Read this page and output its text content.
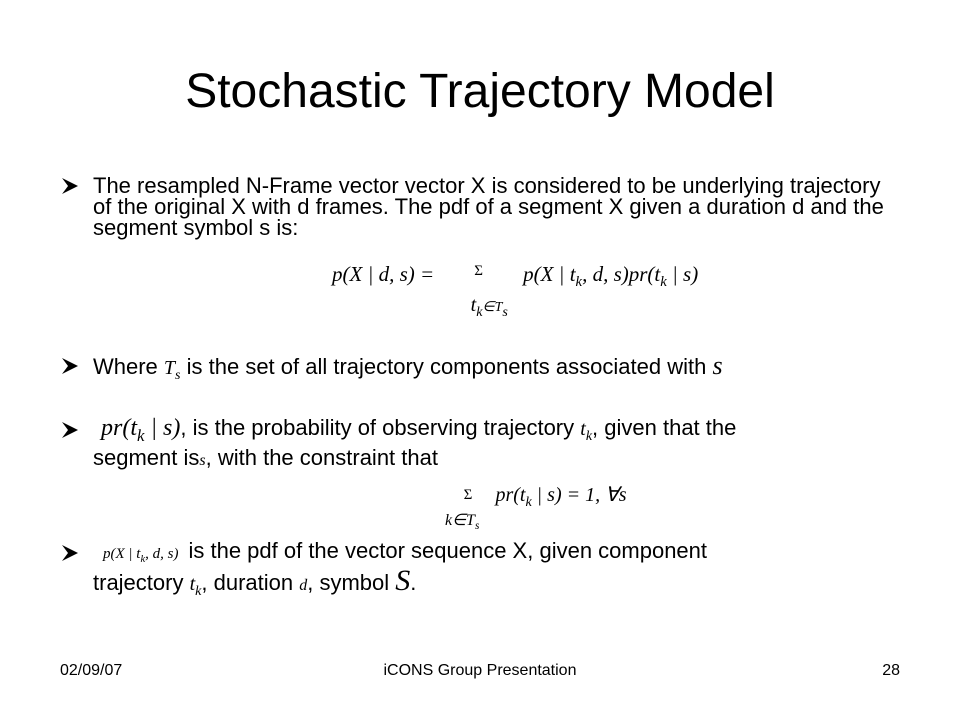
Stochastic Trajectory Model
The resampled N-Frame vector vector X is considered to be underlying trajectory of the original X with d frames. The pdf of a segment X given a duration d and the segment symbol s is:
p(X | d, s) =	Σ
$t_k\in T_s$
p(X | $t_k$, d, $s)pr(t_k$ | s)
Where $T_s$ is the set of all trajectory components associated with s
$pr(t_k$ | s), is the probability of observing trajectory $t_k$, given that the
segment iss, with the constraint that
Σ
$k\in T_s$
$pr(t_k$ | s) = 1, ∀s
p(X | $t_k$, d, s) is the pdf of the vector sequence X, given component
trajectory $t_k$, duration d, symbol S.
02/09/07	iCONS Group Presentation	28
